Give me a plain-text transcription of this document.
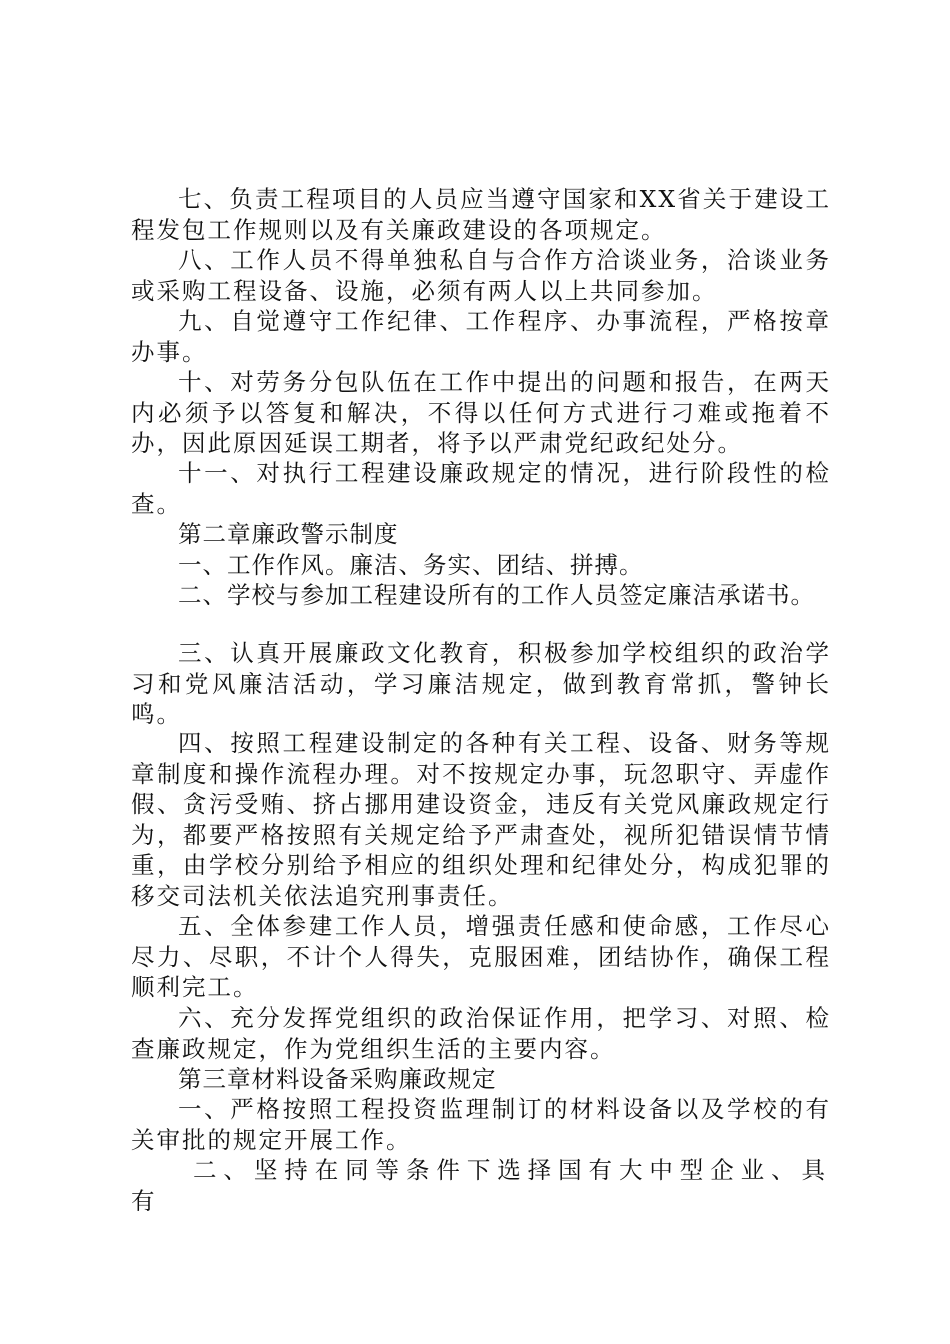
七、负责工程项目的人员应当遵守国家和XX省关于建设工程发包工作规则以及有关廉政建设的各项规定。

八、工作人员不得单独私自与合作方洽谈业务，洽谈业务或采购工程设备、设施，必须有两人以上共同参加。

九、自觉遵守工作纪律、工作程序、办事流程，严格按章办事。

十、对劳务分包队伍在工作中提出的问题和报告，在两天内必须予以答复和解决，不得以任何方式进行刁难或拖着不办，因此原因延误工期者，将予以严肃党纪政纪处分。

十一、对执行工程建设廉政规定的情况，进行阶段性的检查。

第二章廉政警示制度

一、工作作风。廉洁、务实、团结、拼搏。

二、学校与参加工程建设所有的工作人员签定廉洁承诺书。

三、认真开展廉政文化教育，积极参加学校组织的政治学习和党风廉洁活动，学习廉洁规定，做到教育常抓，警钟长鸣。

四、按照工程建设制定的各种有关工程、设备、财务等规章制度和操作流程办理。对不按规定办事，玩忽职守、弄虚作假、贪污受贿、挤占挪用建设资金，违反有关党风廉政规定行为，都要严格按照有关规定给予严肃查处，视所犯错误情节情重，由学校分别给予相应的组织处理和纪律处分，构成犯罪的移交司法机关依法追究刑事责任。

五、全体参建工作人员，增强责任感和使命感，工作尽心尽力、尽职，不计个人得失，克服困难，团结协作，确保工程顺利完工。

六、充分发挥党组织的政治保证作用，把学习、对照、检查廉政规定，作为党组织生活的主要内容。

第三章材料设备采购廉政规定

一、严格按照工程投资监理制订的材料设备以及学校的有关审批的规定开展工作。

二、坚持在同等条件下选择国有大中型企业、具有
